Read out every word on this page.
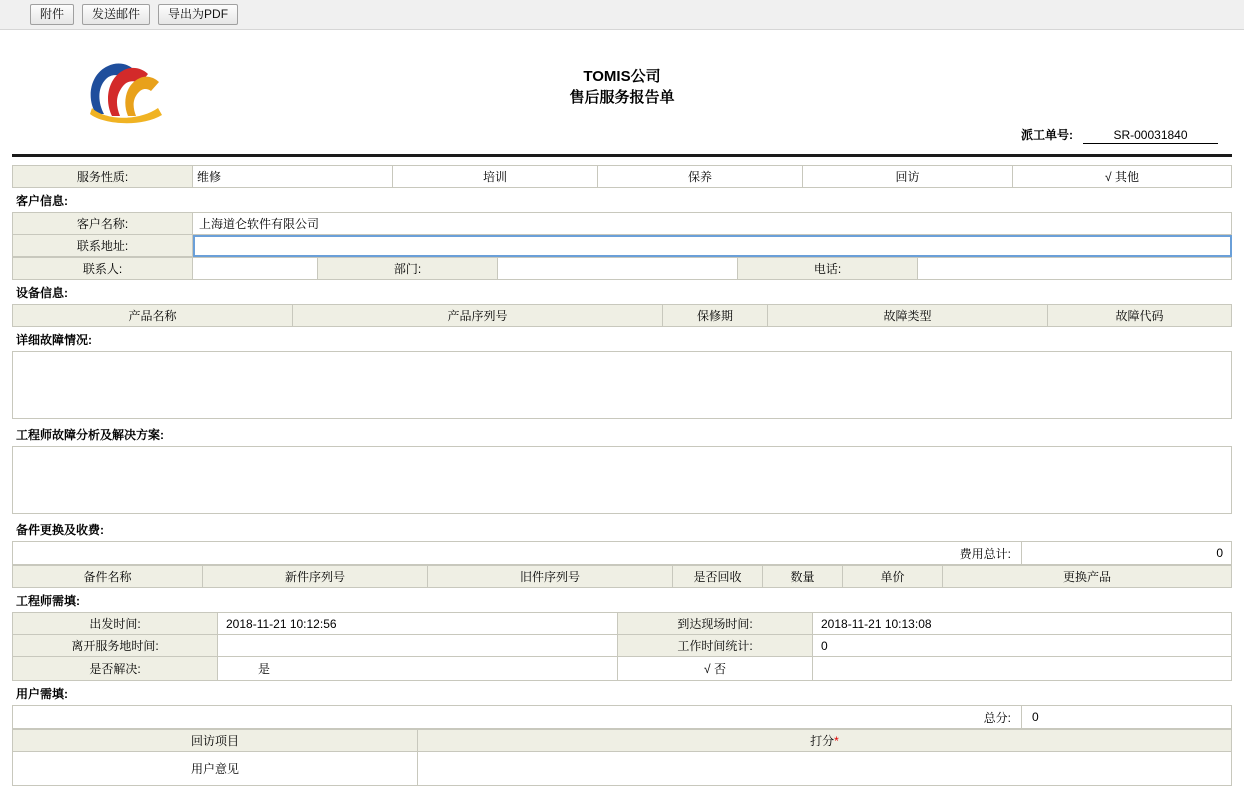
附件	发送邮件	导出为PDF
TOMIS公司
售后服务报告单
派工单号:	SR-00031840
服务性质:	维修	培训	保养	回访	√ 其他
客户信息:
客户名称:	上海道仑软件有限公司
联系地址:	
联系人:		部门:		电话:	
设备信息:
产品名称	产品序列号	保修期	故障类型	故障代码
详细故障情况:
工程师故障分析及解决方案:
备件更换及收费:
费用总计:	0
备件名称	新件序列号	旧件序列号	是否回收	数量	单价	更换产品
工程师需填:
出发时间:	2018-11-21 10:12:56	到达现场时间:	2018-11-21 10:13:08
离开服务地时间:		工作时间统计:	0
是否解决:	是	√ 否	
用户需填:
总分:	0
回访项目	打分*
用户意见	
